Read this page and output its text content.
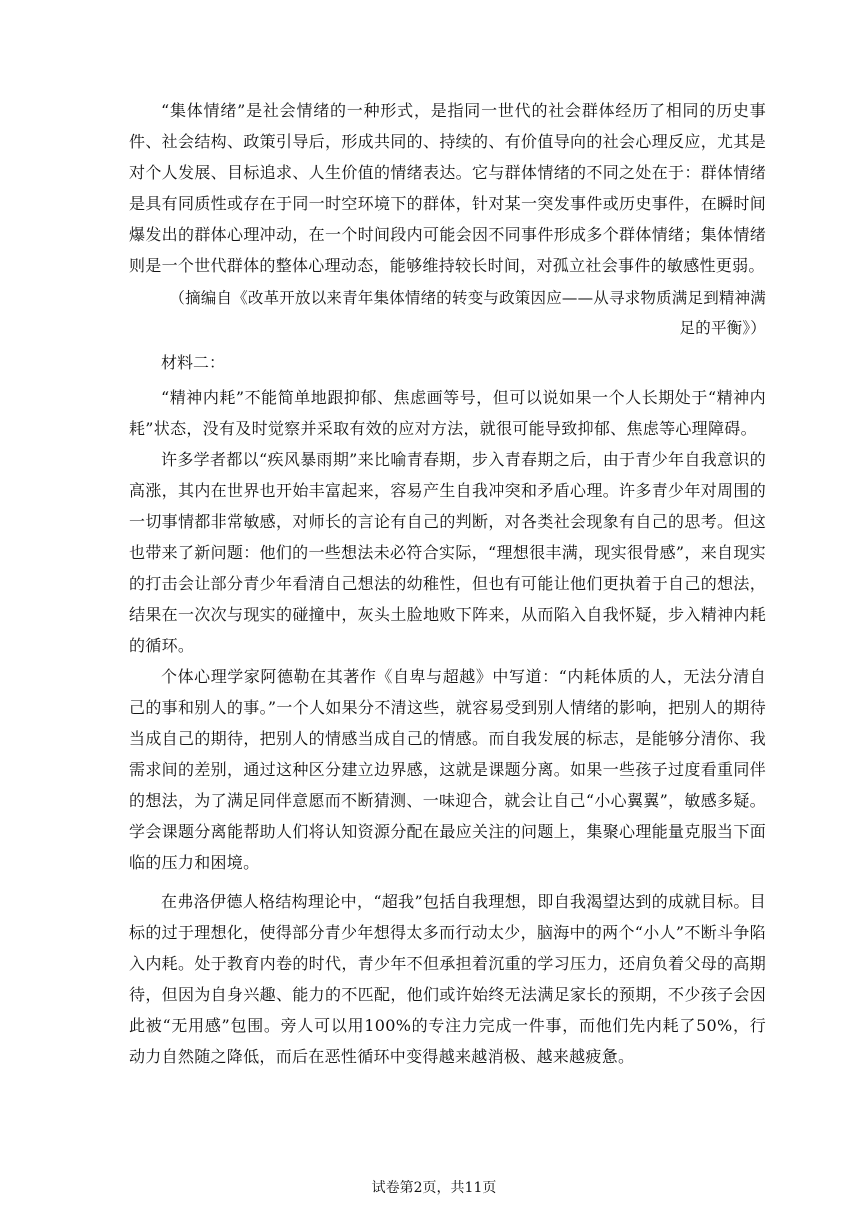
“集体情绪”是社会情绪的一种形式，是指同一世代的社会群体经历了相同的历史事件、社会结构、政策引导后，形成共同的、持续的、有价值导向的社会心理反应，尤其是对个人发展、目标追求、人生价值的情绪表达。它与群体情绪的不同之处在于：群体情绪是具有同质性或存在于同一时空环境下的群体，针对某一突发事件或历史事件，在瞬时间爆发出的群体心理冲动，在一个时间段内可能会因不同事件形成多个群体情绪；集体情绪则是一个世代群体的整体心理动态，能够维持较长时间，对孤立社会事件的敏感性更弱。

（摘编自《改革开放以来青年集体情绪的转变与政策因应——从寻求物质满足到精神满足的平衡》）

材料二：

“精神内耗”不能简单地跟抑郁、焦虑画等号，但可以说如果一个人长期处于“精神内耗”状态，没有及时觉察并采取有效的应对方法，就很可能导致抑郁、焦虑等心理障碍。

许多学者都以“疾风暴雨期”来比喻青春期，步入青春期之后，由于青少年自我意识的高涨，其内在世界也开始丰富起来，容易产生自我冲突和矛盾心理。许多青少年对周围的一切事情都非常敏感，对师长的言论有自己的判断，对各类社会现象有自己的思考。但这也带来了新问题：他们的一些想法未必符合实际，“理想很丰满，现实很骨感”，来自现实的打击会让部分青少年看清自己想法的幼稚性，但也有可能让他们更执着于自己的想法，结果在一次次与现实的碰撞中，灰头土脸地败下阵来，从而陷入自我怀疑，步入精神内耗的循环。

个体心理学家阿德勒在其著作《自卑与超越》中写道：“内耗体质的人，无法分清自己的事和别人的事。”一个人如果分不清这些，就容易受到别人情绪的影响，把别人的期待当成自己的期待，把别人的情感当成自己的情感。而自我发展的标志，是能够分清你、我需求间的差别，通过这种区分建立边界感，这就是课题分离。如果一些孩子过度看重同伴的想法，为了满足同伴意愿而不断猜测、一味迎合，就会让自己“小心翼翼”，敏感多疑。学会课题分离能帮助人们将认知资源分配在最应关注的问题上，集聚心理能量克服当下面临的压力和困境。

在弗洛伊德人格结构理论中，“超我”包括自我理想，即自我渴望达到的成就目标。目标的过于理想化，使得部分青少年想得太多而行动太少，脑海中的两个“小人”不断斗争陷入内耗。处于教育内卷的时代，青少年不但承担着沉重的学习压力，还肩负着父母的高期待，但因为自身兴趣、能力的不匹配，他们或许始终无法满足家长的预期，不少孩子会因此被“无用感”包围。旁人可以用100%的专注力完成一件事，而他们先内耗了50%，行动力自然随之降低，而后在恶性循环中变得越来越消极、越来越疲惫。

试卷第2页，共11页
